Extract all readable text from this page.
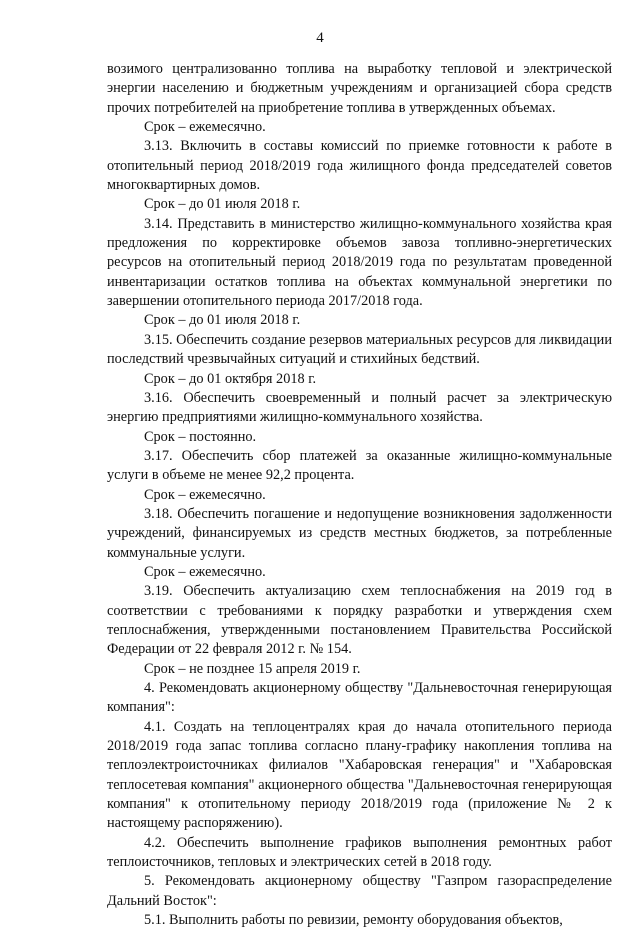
4

возимого централизованно топлива на выработку тепловой и электрической энергии населению и бюджетным учреждениям и организацией сбора средств прочих потребителей на приобретение топлива в утвержденных объемах.

Срок – ежемесячно.

3.13. Включить в составы комиссий по приемке готовности к работе в отопительный период 2018/2019 года жилищного фонда председателей советов многоквартирных домов.

Срок – до 01 июля 2018 г.

3.14. Представить в министерство жилищно-коммунального хозяйства края предложения по корректировке объемов завоза топливно-энергетических ресурсов на отопительный период 2018/2019 года по результатам проведенной инвентаризации остатков топлива на объектах коммунальной энергетики по завершении отопительного периода 2017/2018 года.

Срок – до 01 июля 2018 г.

3.15. Обеспечить создание резервов материальных ресурсов для ликвидации последствий чрезвычайных ситуаций и стихийных бедствий.

Срок – до 01 октября 2018 г.

3.16. Обеспечить своевременный и полный расчет за электрическую энергию предприятиями жилищно-коммунального хозяйства.

Срок – постоянно.

3.17. Обеспечить сбор платежей за оказанные жилищно-коммунальные услуги в объеме не менее 92,2 процента.

Срок – ежемесячно.

3.18. Обеспечить погашение и недопущение возникновения задолженности учреждений, финансируемых из средств местных бюджетов, за потребленные коммунальные услуги.

Срок – ежемесячно.

3.19. Обеспечить актуализацию схем теплоснабжения на 2019 год в соответствии с требованиями к порядку разработки и утверждения схем теплоснабжения, утвержденными постановлением Правительства Российской Федерации от 22 февраля 2012 г. № 154.

Срок – не позднее 15 апреля 2019 г.

4. Рекомендовать акционерному обществу "Дальневосточная генерирующая компания":

4.1. Создать на теплоцентралях края до начала отопительного периода 2018/2019 года запас топлива согласно плану-графику накопления топлива на теплоэлектроисточниках филиалов "Хабаровская генерация" и "Хабаровская теплосетевая компания" акционерного общества "Дальневосточная генерирующая компания" к отопительному периоду 2018/2019 года (приложение № 2 к настоящему распоряжению).

4.2. Обеспечить выполнение графиков выполнения ремонтных работ теплоисточников, тепловых и электрических сетей в 2018 году.

5. Рекомендовать акционерному обществу "Газпром газораспределение Дальний Восток":

5.1. Выполнить работы по ревизии, ремонту оборудования объектов,
